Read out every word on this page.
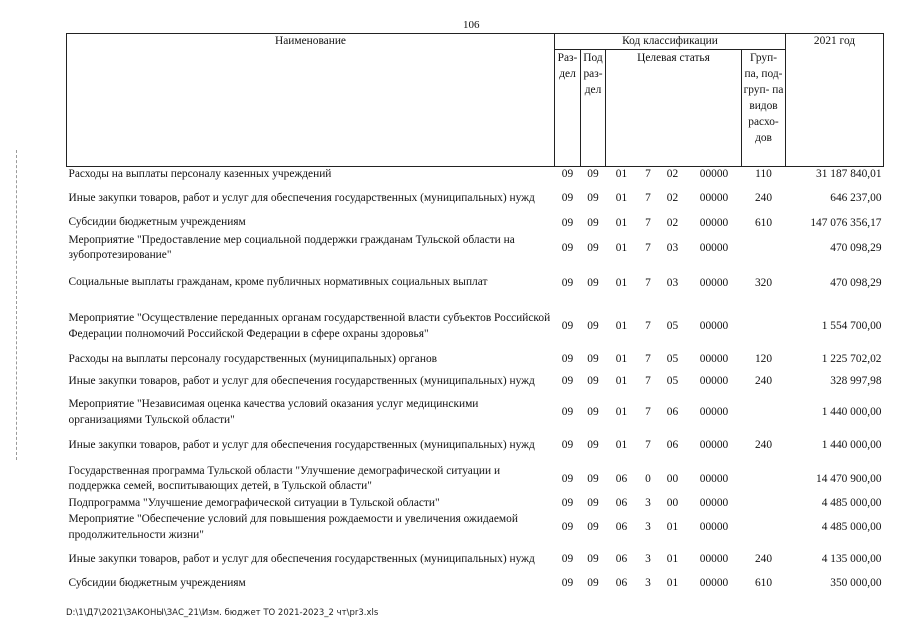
106
Наименование	Код классификации							2021 год

	Раз- дел	Под раз- дел	Целевая статья				Груп- па, под- груп- па видов расхо- дов	

Расходы на выплаты персоналу казенных учреждений	09	09	01	7	02	00000	110	31 187 840,01
Иные закупки товаров, работ и услуг для обеспечения государственных (муниципальных) нужд	09	09	01	7	02	00000	240	646 237,00
Субсидии бюджетным учреждениям	09	09	01	7	02	00000	610	147 076 356,17
Мероприятие "Предоставление мер социальной поддержки гражданам Тульской области на зубопротезирование"	09	09	01	7	03	00000		470 098,29
Социальные выплаты гражданам, кроме публичных нормативных социальных выплат	09	09	01	7	03	00000	320	470 098,29
Мероприятие "Осуществление переданных органам государственной власти субъектов Российской Федерации полномочий Российской Федерации в сфере охраны здоровья"	09	09	01	7	05	00000		1 554 700,00
Расходы на выплаты персоналу государственных (муниципальных) органов	09	09	01	7	05	00000	120	1 225 702,02
Иные закупки товаров, работ и услуг для обеспечения государственных (муниципальных) нужд	09	09	01	7	05	00000	240	328 997,98
Мероприятие "Независимая оценка качества условий оказания услуг медицинскими организациями Тульской области"	09	09	01	7	06	00000		1 440 000,00
Иные закупки товаров, работ и услуг для обеспечения государственных (муниципальных) нужд	09	09	01	7	06	00000	240	1 440 000,00
Государственная программа Тульской области "Улучшение демографической ситуации и поддержка семей, воспитывающих детей, в Тульской области"	09	09	06	0	00	00000		14 470 900,00
Подпрограмма "Улучшение демографической ситуации в Тульской области"	09	09	06	3	00	00000		4 485 000,00
Мероприятие "Обеспечение условий для повышения рождаемости и увеличения ожидаемой продолжительности жизни"	09	09	06	3	01	00000		4 485 000,00
Иные закупки товаров, работ и услуг для обеспечения государственных (муниципальных) нужд	09	09	06	3	01	00000	240	4 135 000,00
Субсидии бюджетным учреждениям	09	09	06	3	01	00000	610	350 000,00
D:\1\Д7\2021\ЗАКОНЫ\ЗАС_21\Изм. бюджет ТО 2021-2023_2 чт\pr3.xls
